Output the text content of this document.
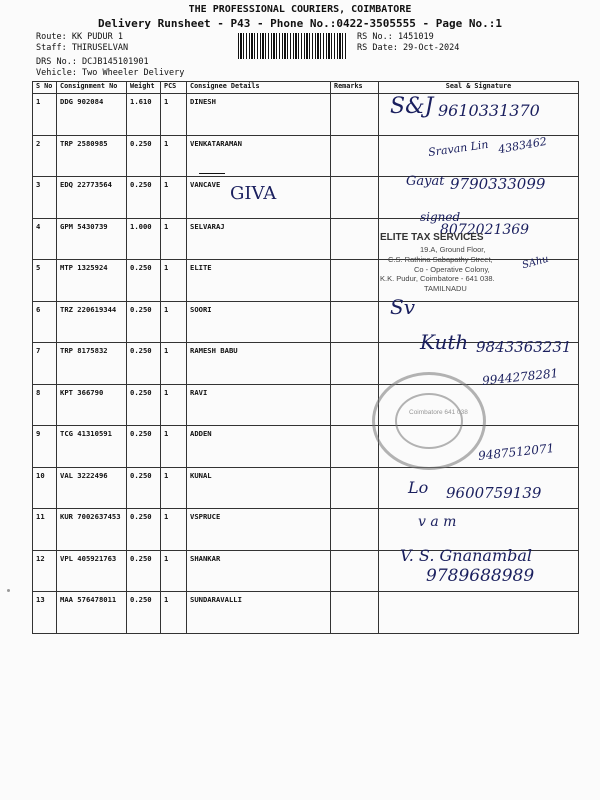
THE PROFESSIONAL COURIERS, COIMBATORE
Delivery Runsheet - P43 - Phone No.:0422-3505555 - Page No.:1
Route: KK PUDUR 1
Staff: THIRUSELVAN
DRS No.: DCJB145101901
Vehicle: Two Wheeler Delivery
RS No.: 1451019
RS Date: 29-Oct-2024
S No	Consignment No	Weight	PCS	Consignee Details	Remarks	Seal & Signature
1	DDG 902084	1.610	1	DINESH		
2	TRP 2580985	0.250	1	VENKATARAMAN		
3	EDQ 22773564	0.250	1	VANCAVE		
4	GPM 5430739	1.000	1	SELVARAJ		
5	MTP 1325924	0.250	1	ELITE		
6	TRZ 220619344	0.250	1	SOORI		
7	TRP 8175832	0.250	1	RAMESH BABU		
8	KPT 366790	0.250	1	RAVI		
9	TCG 41310591	0.250	1	ADDEN		
10	VAL 3222496	0.250	1	KUNAL		
11	KUR 7002637453	0.250	1	VSPRUCE		
12	VPL 405921763	0.250	1	SHANKAR		
13	MAA 576478011	0.250	1	SUNDARAVALLI		
S&J 9610331370
Sravan Lin 4383462
GIVA
Gayat 9790333099
signed
8072021369
ELITE TAX SERVICES
19.A, Ground Floor,
C.S. Rathina Sabapathy Street,
Co - Operative Colony,
K.K. Pudur, Coimbatore - 641 038.
TAMILNADU
SAhu
Sv
Kuth 9843363231
Coimbatore 641 038
9944278281
9487512071
Lo 9600759139
v a m
V. S. Gnanambal
9789688989
